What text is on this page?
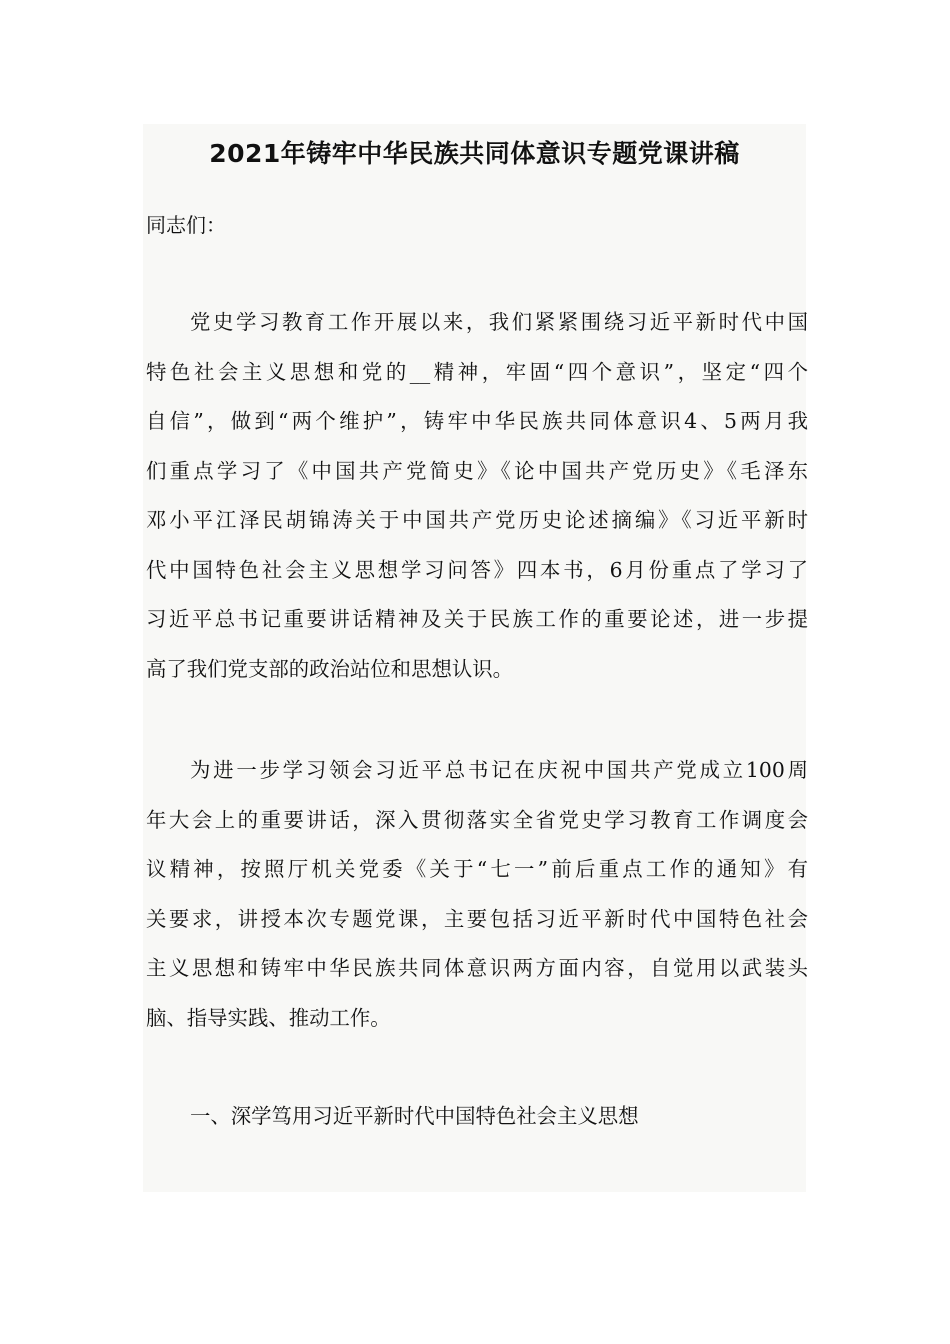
2021年铸牢中华民族共同体意识专题党课讲稿

同志们：

党史学习教育工作开展以来，我们紧紧围绕习近平新时代中国
特色社会主义思想和党的__精神，牢固“四个意识”，坚定“四个
自信”，做到“两个维护”，铸牢中华民族共同体意识4、5两月我
们重点学习了《中国共产党简史》《论中国共产党历史》《毛泽东
邓小平江泽民胡锦涛关于中国共产党历史论述摘编》《习近平新时
代中国特色社会主义思想学习问答》四本书，6月份重点了学习了
习近平总书记重要讲话精神及关于民族工作的重要论述，进一步提
高了我们党支部的政治站位和思想认识。
为进一步学习领会习近平总书记在庆祝中国共产党成立100周
年大会上的重要讲话，深入贯彻落实全省党史学习教育工作调度会
议精神，按照厅机关党委《关于“七一”前后重点工作的通知》有
关要求，讲授本次专题党课，主要包括习近平新时代中国特色社会
主义思想和铸牢中华民族共同体意识两方面内容，自觉用以武装头
脑、指导实践、推动工作。

一、深学笃用习近平新时代中国特色社会主义思想
